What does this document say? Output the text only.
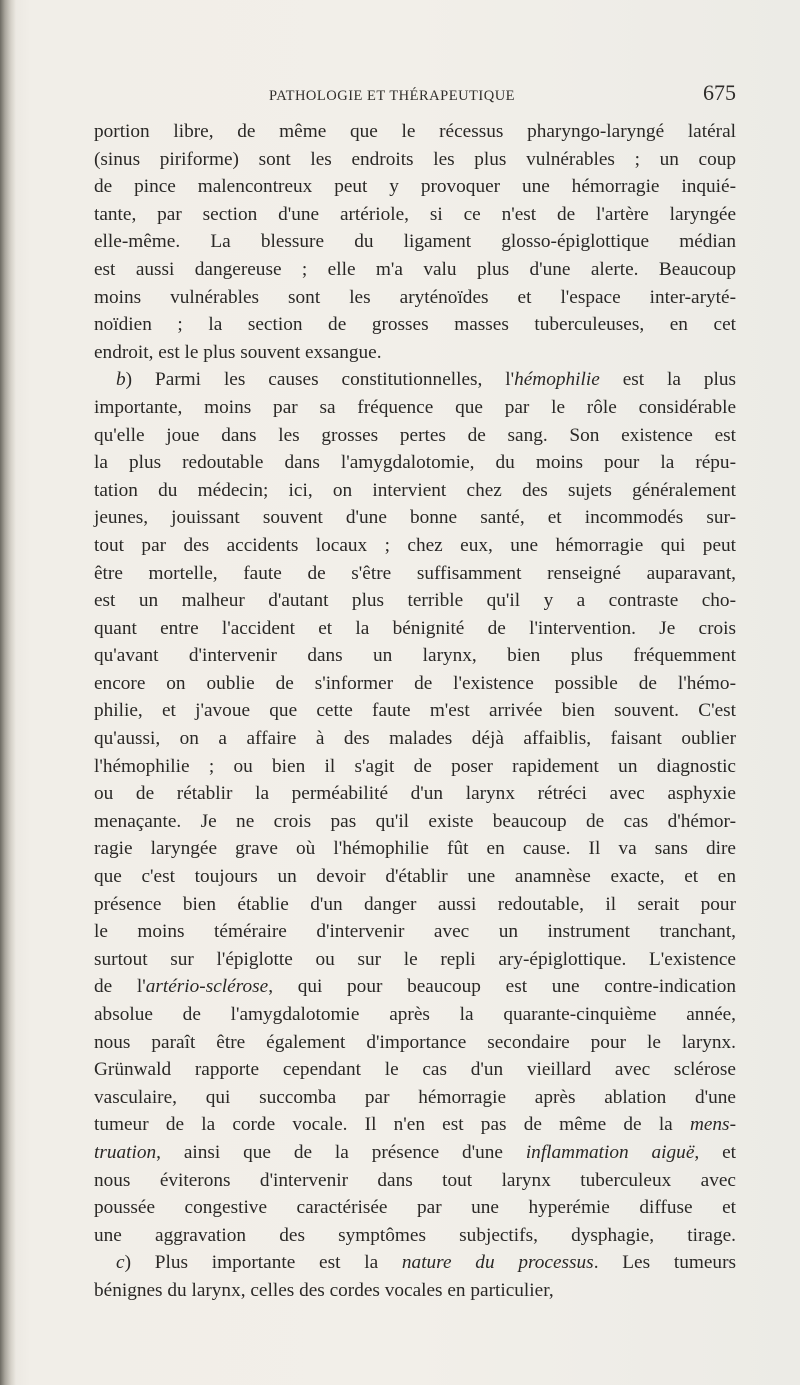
PATHOLOGIE ET THÉRAPEUTIQUE	675
portion libre, de même que le récessus pharyngo-laryngé latéral
(sinus piriforme) sont les endroits les plus vulnérables ; un coup
de pince malencontreux peut y provoquer une hémorragie inquié-
tante, par section d'une artériole, si ce n'est de l'artère laryngée
elle-même. La blessure du ligament glosso-épiglottique médian
est aussi dangereuse ; elle m'a valu plus d'une alerte. Beaucoup
moins vulnérables sont les aryténoïdes et l'espace inter-aryté-
noïdien ; la section de grosses masses tuberculeuses, en cet
endroit, est le plus souvent exsangue.
b) Parmi les causes constitutionnelles, l'hémophilie est la plus
importante, moins par sa fréquence que par le rôle considérable
qu'elle joue dans les grosses pertes de sang. Son existence est
la plus redoutable dans l'amygdalotomie, du moins pour la répu-
tation du médecin; ici, on intervient chez des sujets généralement
jeunes, jouissant souvent d'une bonne santé, et incommodés sur-
tout par des accidents locaux ; chez eux, une hémorragie qui peut
être mortelle, faute de s'être suffisamment renseigné auparavant,
est un malheur d'autant plus terrible qu'il y a contraste cho-
quant entre l'accident et la bénignité de l'intervention. Je crois
qu'avant d'intervenir dans un larynx, bien plus fréquemment
encore on oublie de s'informer de l'existence possible de l'hémo-
philie, et j'avoue que cette faute m'est arrivée bien souvent. C'est
qu'aussi, on a affaire à des malades déjà affaiblis, faisant oublier
l'hémophilie ; ou bien il s'agit de poser rapidement un diagnostic
ou de rétablir la perméabilité d'un larynx rétréci avec asphyxie
menaçante. Je ne crois pas qu'il existe beaucoup de cas d'hémor-
ragie laryngée grave où l'hémophilie fût en cause. Il va sans dire
que c'est toujours un devoir d'établir une anamnèse exacte, et en
présence bien établie d'un danger aussi redoutable, il serait pour
le moins téméraire d'intervenir avec un instrument tranchant,
surtout sur l'épiglotte ou sur le repli ary-épiglottique. L'existence
de l'artério-sclérose, qui pour beaucoup est une contre-indication
absolue de l'amygdalotomie après la quarante-cinquième année,
nous paraît être également d'importance secondaire pour le larynx.
Grünwald rapporte cependant le cas d'un vieillard avec sclérose
vasculaire, qui succomba par hémorragie après ablation d'une
tumeur de la corde vocale. Il n'en est pas de même de la mens-
truation, ainsi que de la présence d'une inflammation aiguë, et
nous éviterons d'intervenir dans tout larynx tuberculeux avec
poussée congestive caractérisée par une hyperémie diffuse et
une aggravation des symptômes subjectifs, dysphagie, tirage.
c) Plus importante est la nature du processus. Les tumeurs
bénignes du larynx, celles des cordes vocales en particulier,
